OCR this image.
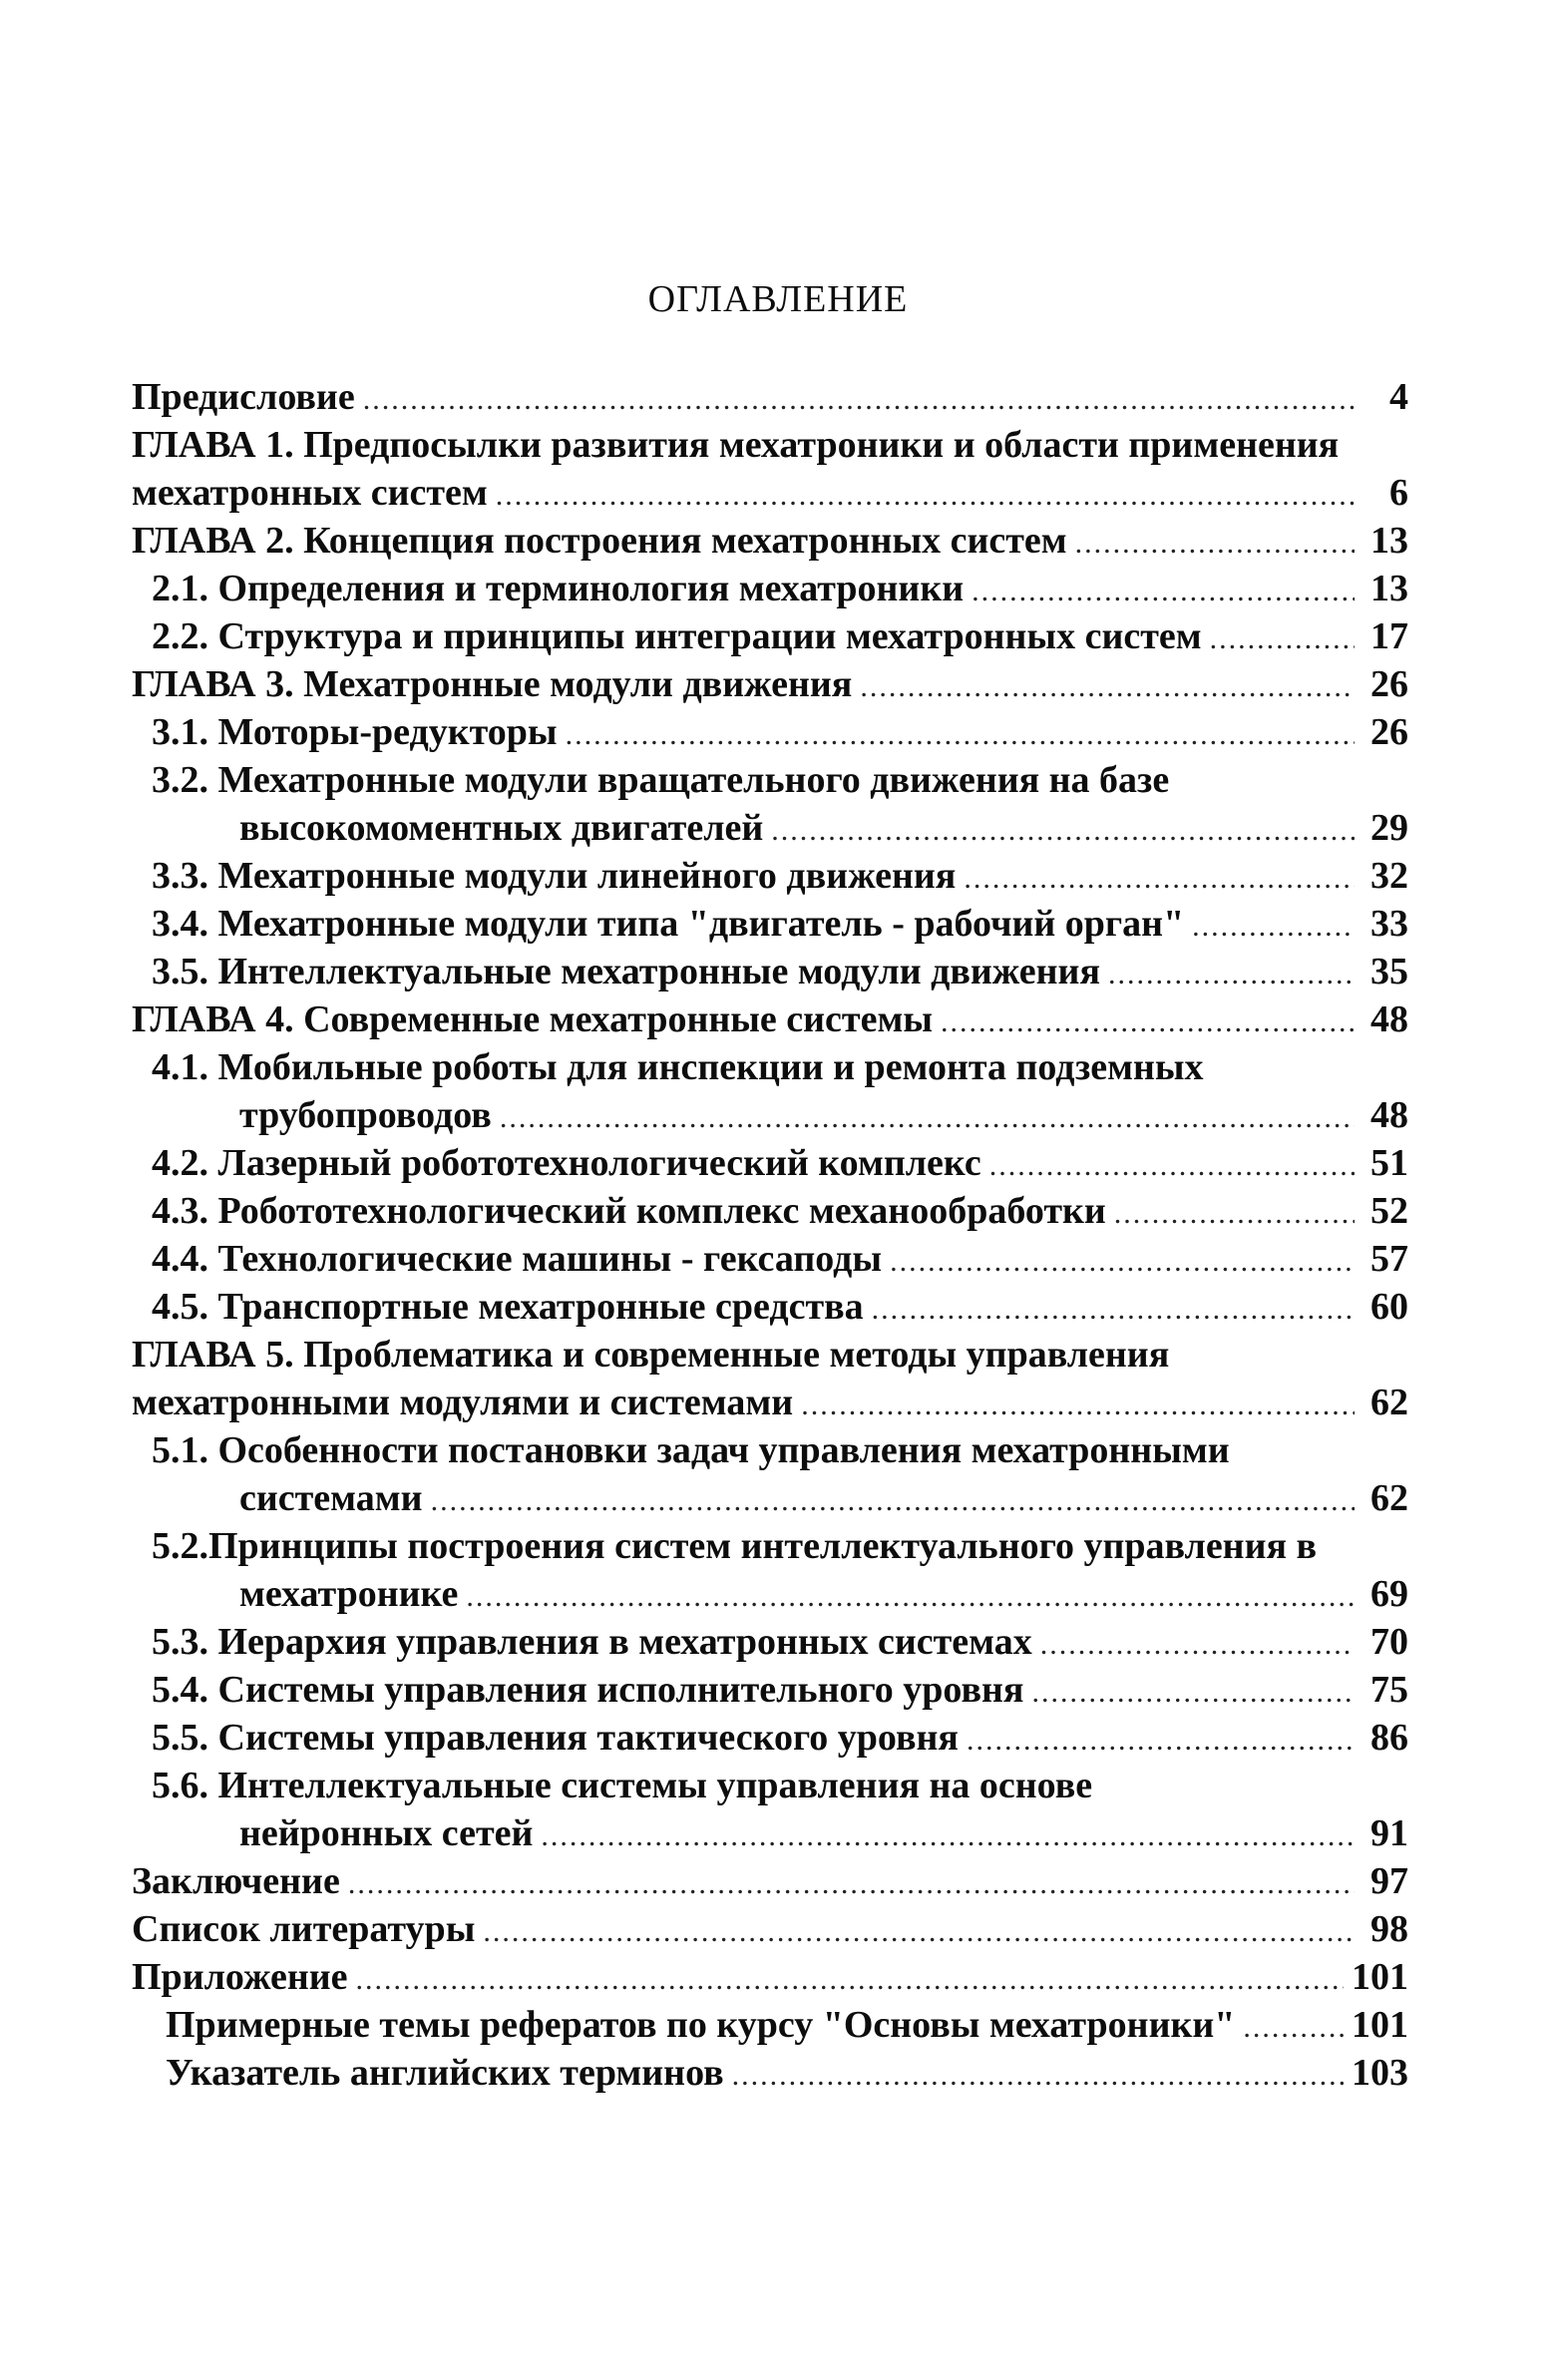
ОГЛАВЛЕНИЕ
Предисловие .....	4
ГЛАВА 1. Предпосылки развития мехатроники и области применения
мехатронных систем .....	6
ГЛАВА 2. Концепция построения мехатронных систем .....	13
2.1. Определения и терминология мехатроники .....	13
2.2. Структура и принципы интеграции мехатронных систем .....	17
ГЛАВА 3. Мехатронные модули движения .....	26
3.1. Моторы-редукторы .....	26
3.2. Мехатронные модули вращательного движения на базе
высокомоментных двигателей .....	29
3.3. Мехатронные модули линейного движения .....	32
3.4. Мехатронные модули типа "двигатель - рабочий орган" .....	33
3.5. Интеллектуальные мехатронные модули движения .....	35
ГЛАВА 4. Современные мехатронные системы .....	48
4.1. Мобильные роботы для инспекции и ремонта подземных
трубопроводов .....	48
4.2. Лазерный робототехнологический комплекс .....	51
4.3. Робототехнологический комплекс механообработки .....	52
4.4. Технологические машины - гексаподы .....	57
4.5. Транспортные мехатронные средства .....	60
ГЛАВА 5. Проблематика и современные методы управления
мехатронными модулями и системами .....	62
5.1. Особенности постановки задач управления мехатронными
системами .....	62
5.2.Принципы построения систем интеллектуального управления в
мехатронике .....	69
5.3. Иерархия управления в мехатронных системах .....	70
5.4. Системы управления исполнительного уровня .....	75
5.5. Системы управления тактического уровня .....	86
5.6. Интеллектуальные системы управления на основе
нейронных сетей .....	91
Заключение .....	97
Список литературы .....	98
Приложение .....	101
Примерные темы рефератов по курсу "Основы мехатроники" .....	101
Указатель английских терминов .....	103
